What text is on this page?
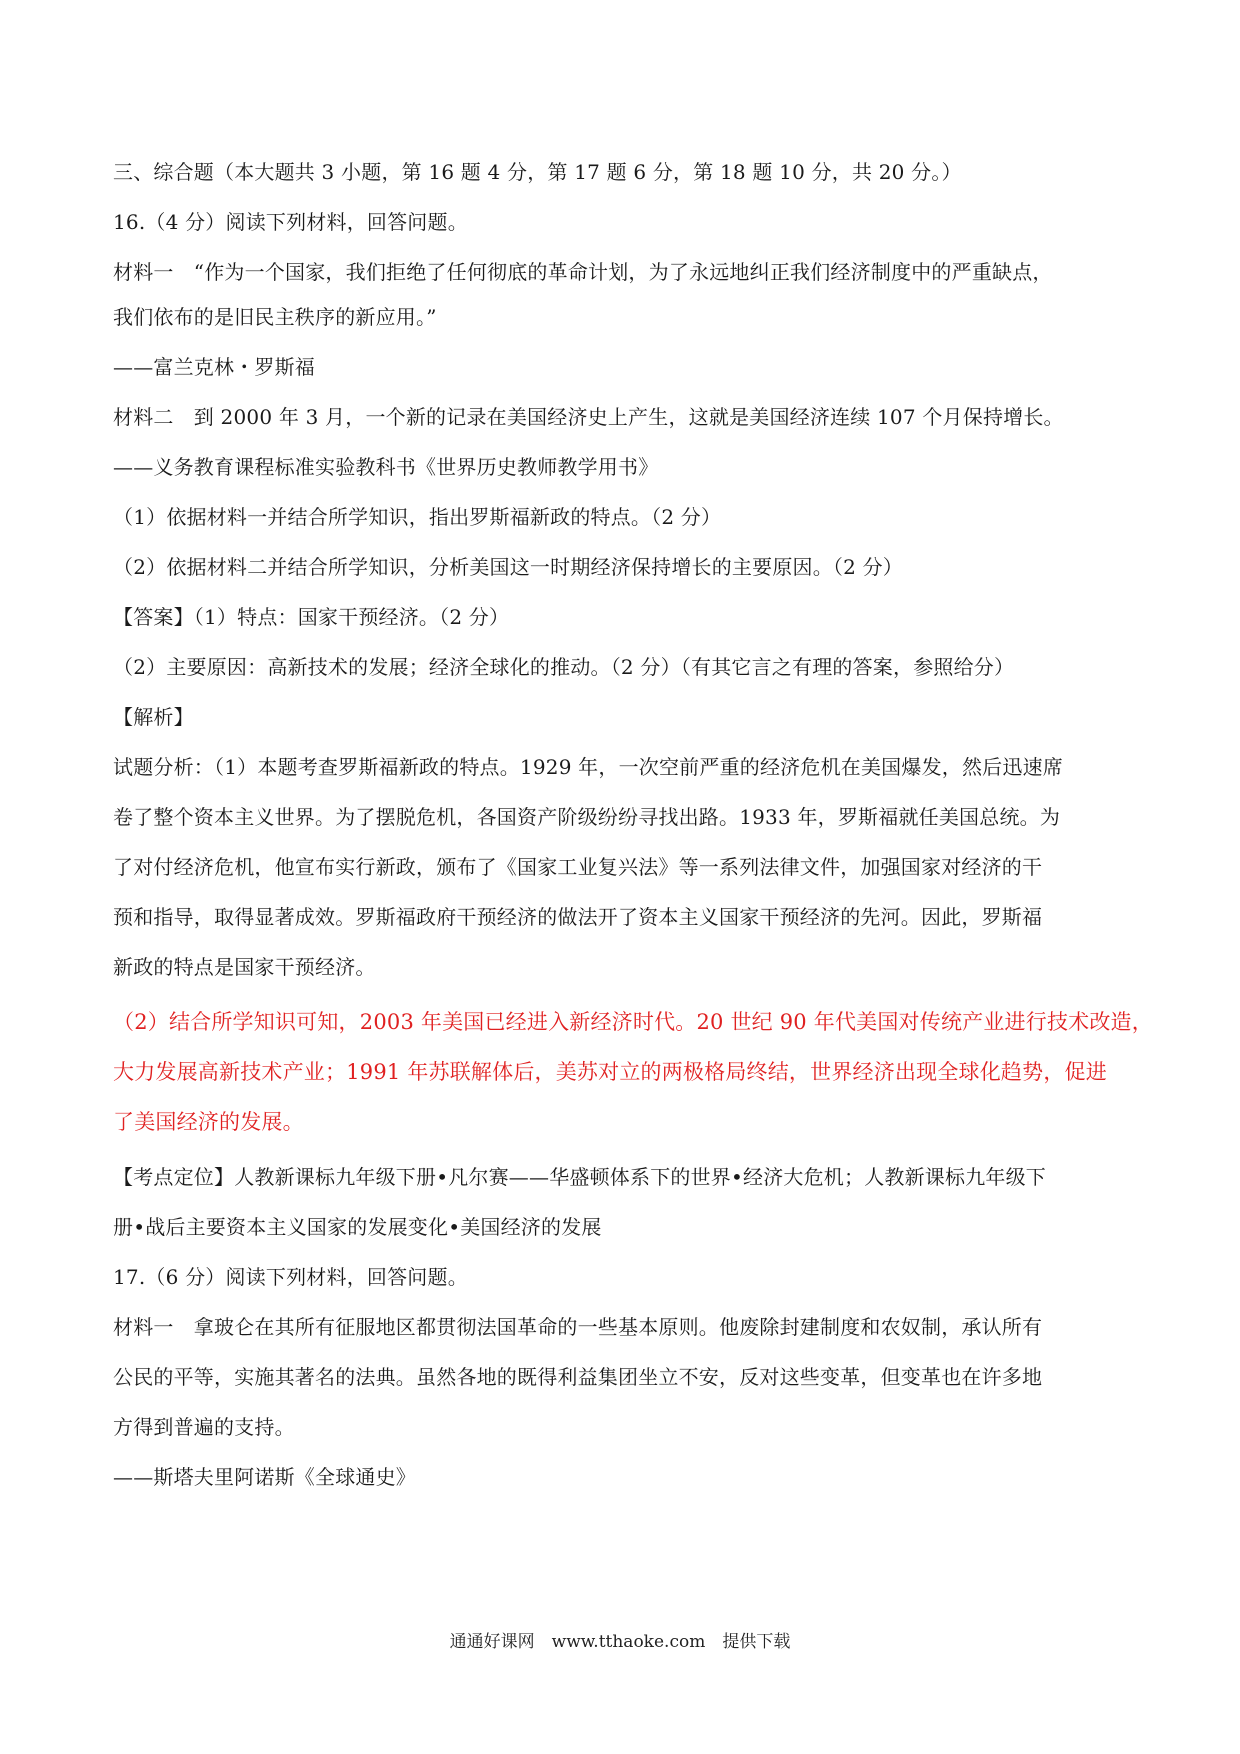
三、综合题（本大题共 3 小题，第 16 题 4 分，第 17 题 6 分，第 18 题 10 分，共 20 分。）
16.（4 分）阅读下列材料，回答问题。
材料一　“作为一个国家，我们拒绝了任何彻底的革命计划，为了永远地纠正我们经济制度中的严重缺点，
我们依布的是旧民主秩序的新应用。”
——富兰克林・罗斯福
材料二　到 2000 年 3 月，一个新的记录在美国经济史上产生，这就是美国经济连续 107 个月保持增长。
——义务教育课程标准实验教科书《世界历史教师教学用书》
（1）依据材料一并结合所学知识，指出罗斯福新政的特点。（2 分）
（2）依据材料二并结合所学知识，分析美国这一时期经济保持增长的主要原因。（2 分）
【答案】（1）特点：国家干预经济。（2 分）
（2）主要原因：高新技术的发展；经济全球化的推动。（2 分）（有其它言之有理的答案，参照给分）
【解析】
试题分析：（1）本题考查罗斯福新政的特点。1929 年，一次空前严重的经济危机在美国爆发，然后迅速席
卷了整个资本主义世界。为了摆脱危机，各国资产阶级纷纷寻找出路。1933 年，罗斯福就任美国总统。为
了对付经济危机，他宣布实行新政，颁布了《国家工业复兴法》等一系列法律文件，加强国家对经济的干
预和指导，取得显著成效。罗斯福政府干预经济的做法开了资本主义国家干预经济的先河。因此，罗斯福
新政的特点是国家干预经济。
（2）结合所学知识可知，2003 年美国已经进入新经济时代。20 世纪 90 年代美国对传统产业进行技术改造，
大力发展高新技术产业；1991 年苏联解体后，美苏对立的两极格局终结，世界经济出现全球化趋势，促进
了美国经济的发展。
【考点定位】人教新课标九年级下册•凡尔赛——华盛顿体系下的世界•经济大危机；人教新课标九年级下
册•战后主要资本主义国家的发展变化•美国经济的发展
17.（6 分）阅读下列材料，回答问题。
材料一　拿玻仑在其所有征服地区都贯彻法国革命的一些基本原则。他废除封建制度和农奴制，承认所有
公民的平等，实施其著名的法典。虽然各地的既得利益集团坐立不安，反对这些变革，但变革也在许多地
方得到普遍的支持。
——斯塔夫里阿诺斯《全球通史》
通通好课网　www.tthaoke.com　提供下载
